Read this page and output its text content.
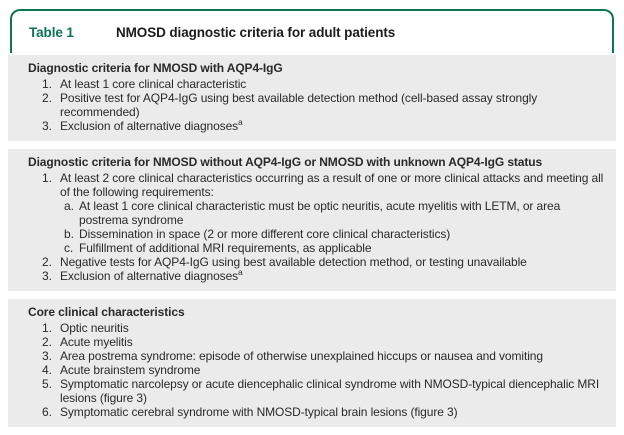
Table 1	NMOSD diagnostic criteria for adult patients
Diagnostic criteria for NMOSD with AQP4-IgG
1. At least 1 core clinical characteristic
2. Positive test for AQP4-IgG using best available detection method (cell-based assay strongly recommended)
3. Exclusion of alternative diagnoses$^a$
Diagnostic criteria for NMOSD without AQP4-IgG or NMOSD with unknown AQP4-IgG status
1. At least 2 core clinical characteristics occurring as a result of one or more clinical attacks and meeting all of the following requirements:
a. At least 1 core clinical characteristic must be optic neuritis, acute myelitis with LETM, or area postrema syndrome
b. Dissemination in space (2 or more different core clinical characteristics)
c. Fulfillment of additional MRI requirements, as applicable
2. Negative tests for AQP4-IgG using best available detection method, or testing unavailable
3. Exclusion of alternative diagnoses$^a$
Core clinical characteristics
1. Optic neuritis
2. Acute myelitis
3. Area postrema syndrome: episode of otherwise unexplained hiccups or nausea and vomiting
4. Acute brainstem syndrome
5. Symptomatic narcolepsy or acute diencephalic clinical syndrome with NMOSD-typical diencephalic MRI lesions (figure 3)
6. Symptomatic cerebral syndrome with NMOSD-typical brain lesions (figure 3)
